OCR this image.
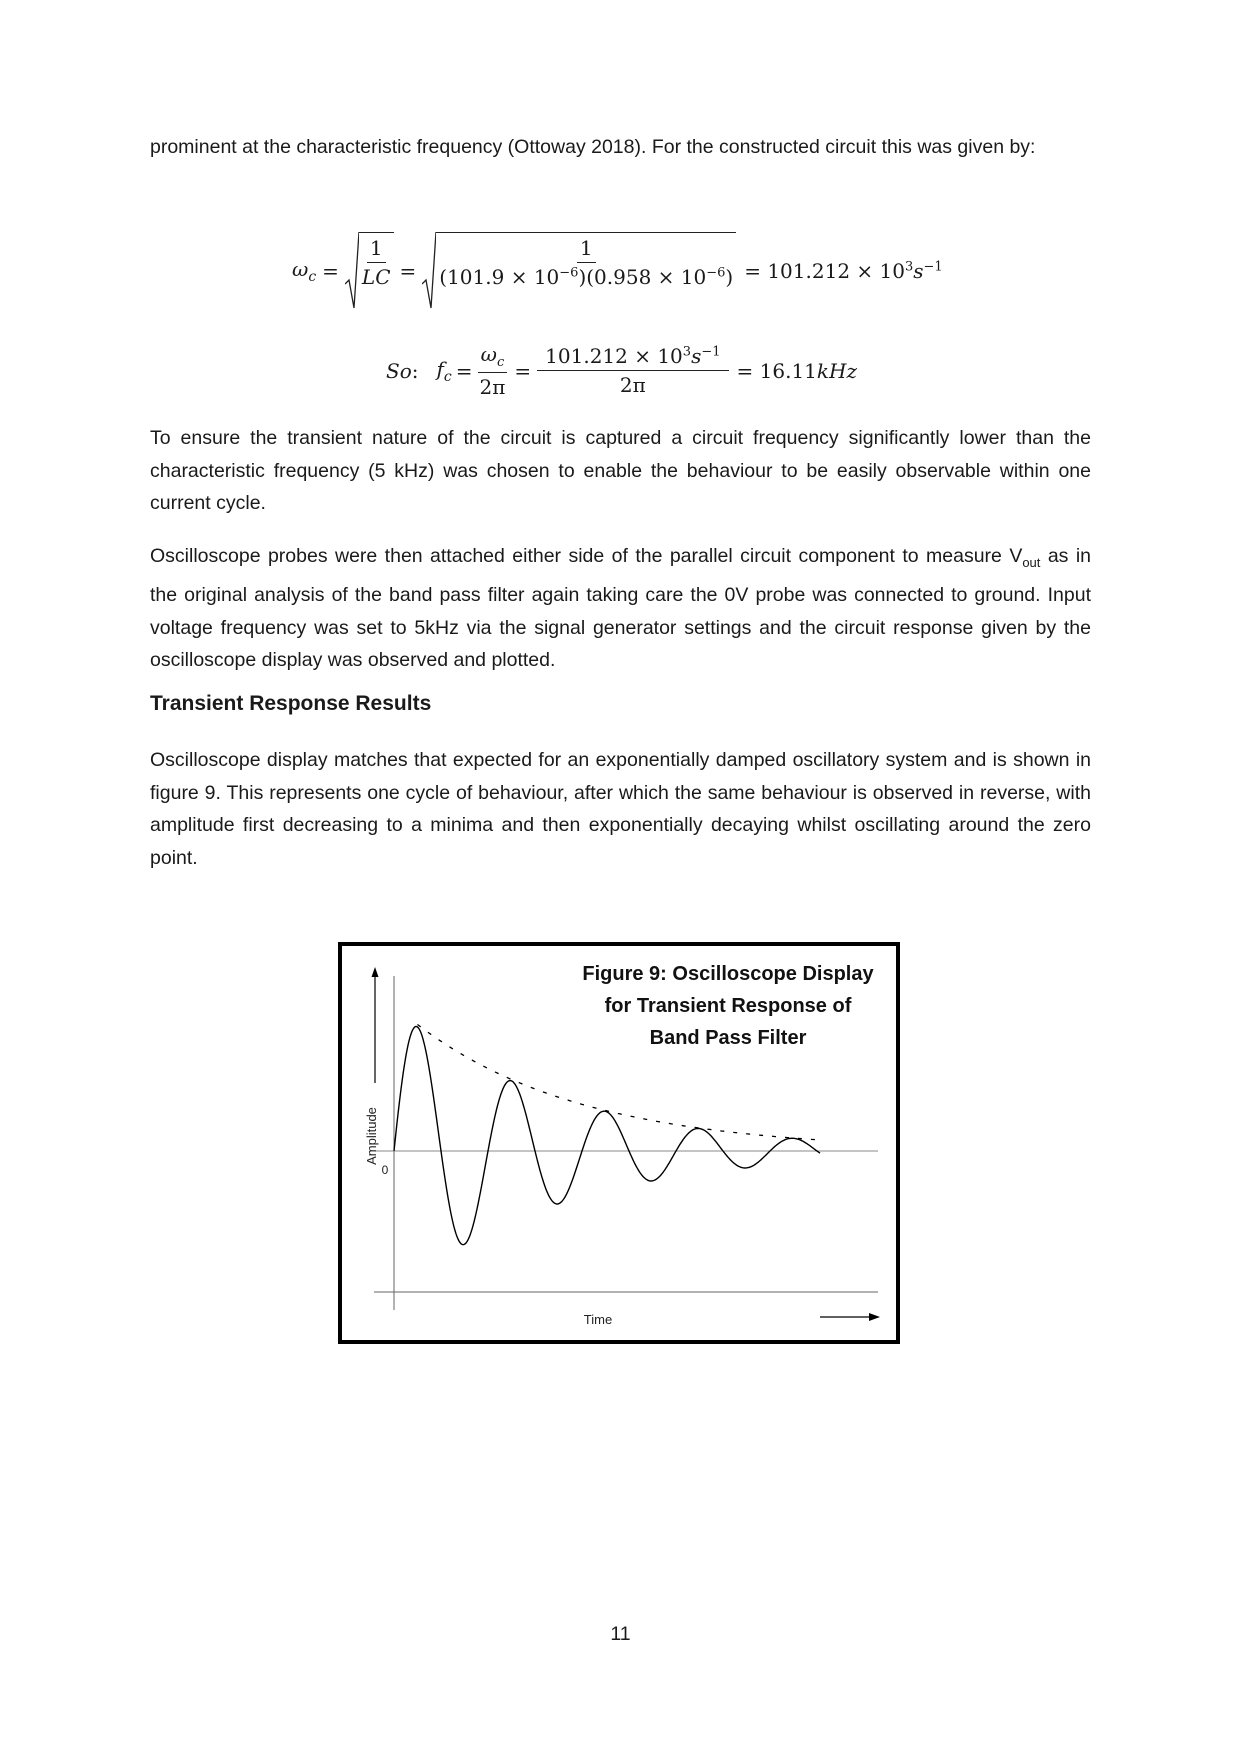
prominent at the characteristic frequency (Ottoway 2018). For the constructed circuit this was given by:

$\omega_c$ =	$\frac{1}{LC}$ =	$\frac{1}{(101.9 \times 10^{-6})(0.958 \times 10^{-6})} = 101.212 \times 10^3s^{-1}$
So: $f_c = \frac{\omega_c}{2\pi} = \frac{101.212 \times 10^3s^{-1}}{2\pi} = 16.11kHz$

To ensure the transient nature of the circuit is captured a circuit frequency significantly lower than the characteristic frequency (5 kHz) was chosen to enable the behaviour to be easily observable within one current cycle.

Oscilloscope probes were then attached either side of the parallel circuit component to measure $V_{out}$ as in the original analysis of the band pass filter again taking care the 0V probe was connected to ground. Input voltage frequency was set to 5kHz via the signal generator settings and the circuit response given by the oscilloscope display was observed and plotted.

Transient Response Results

Oscilloscope display matches that expected for an exponentially damped oscillatory system and is shown in figure 9. This represents one cycle of behaviour, after which the same behaviour is observed in reverse, with amplitude first decreasing to a minima and then exponentially decaying whilst oscillating around the zero point.

11
Amplitude
0
Time
Figure 9: Oscilloscope Display for Transient Response of Band Pass Filter
